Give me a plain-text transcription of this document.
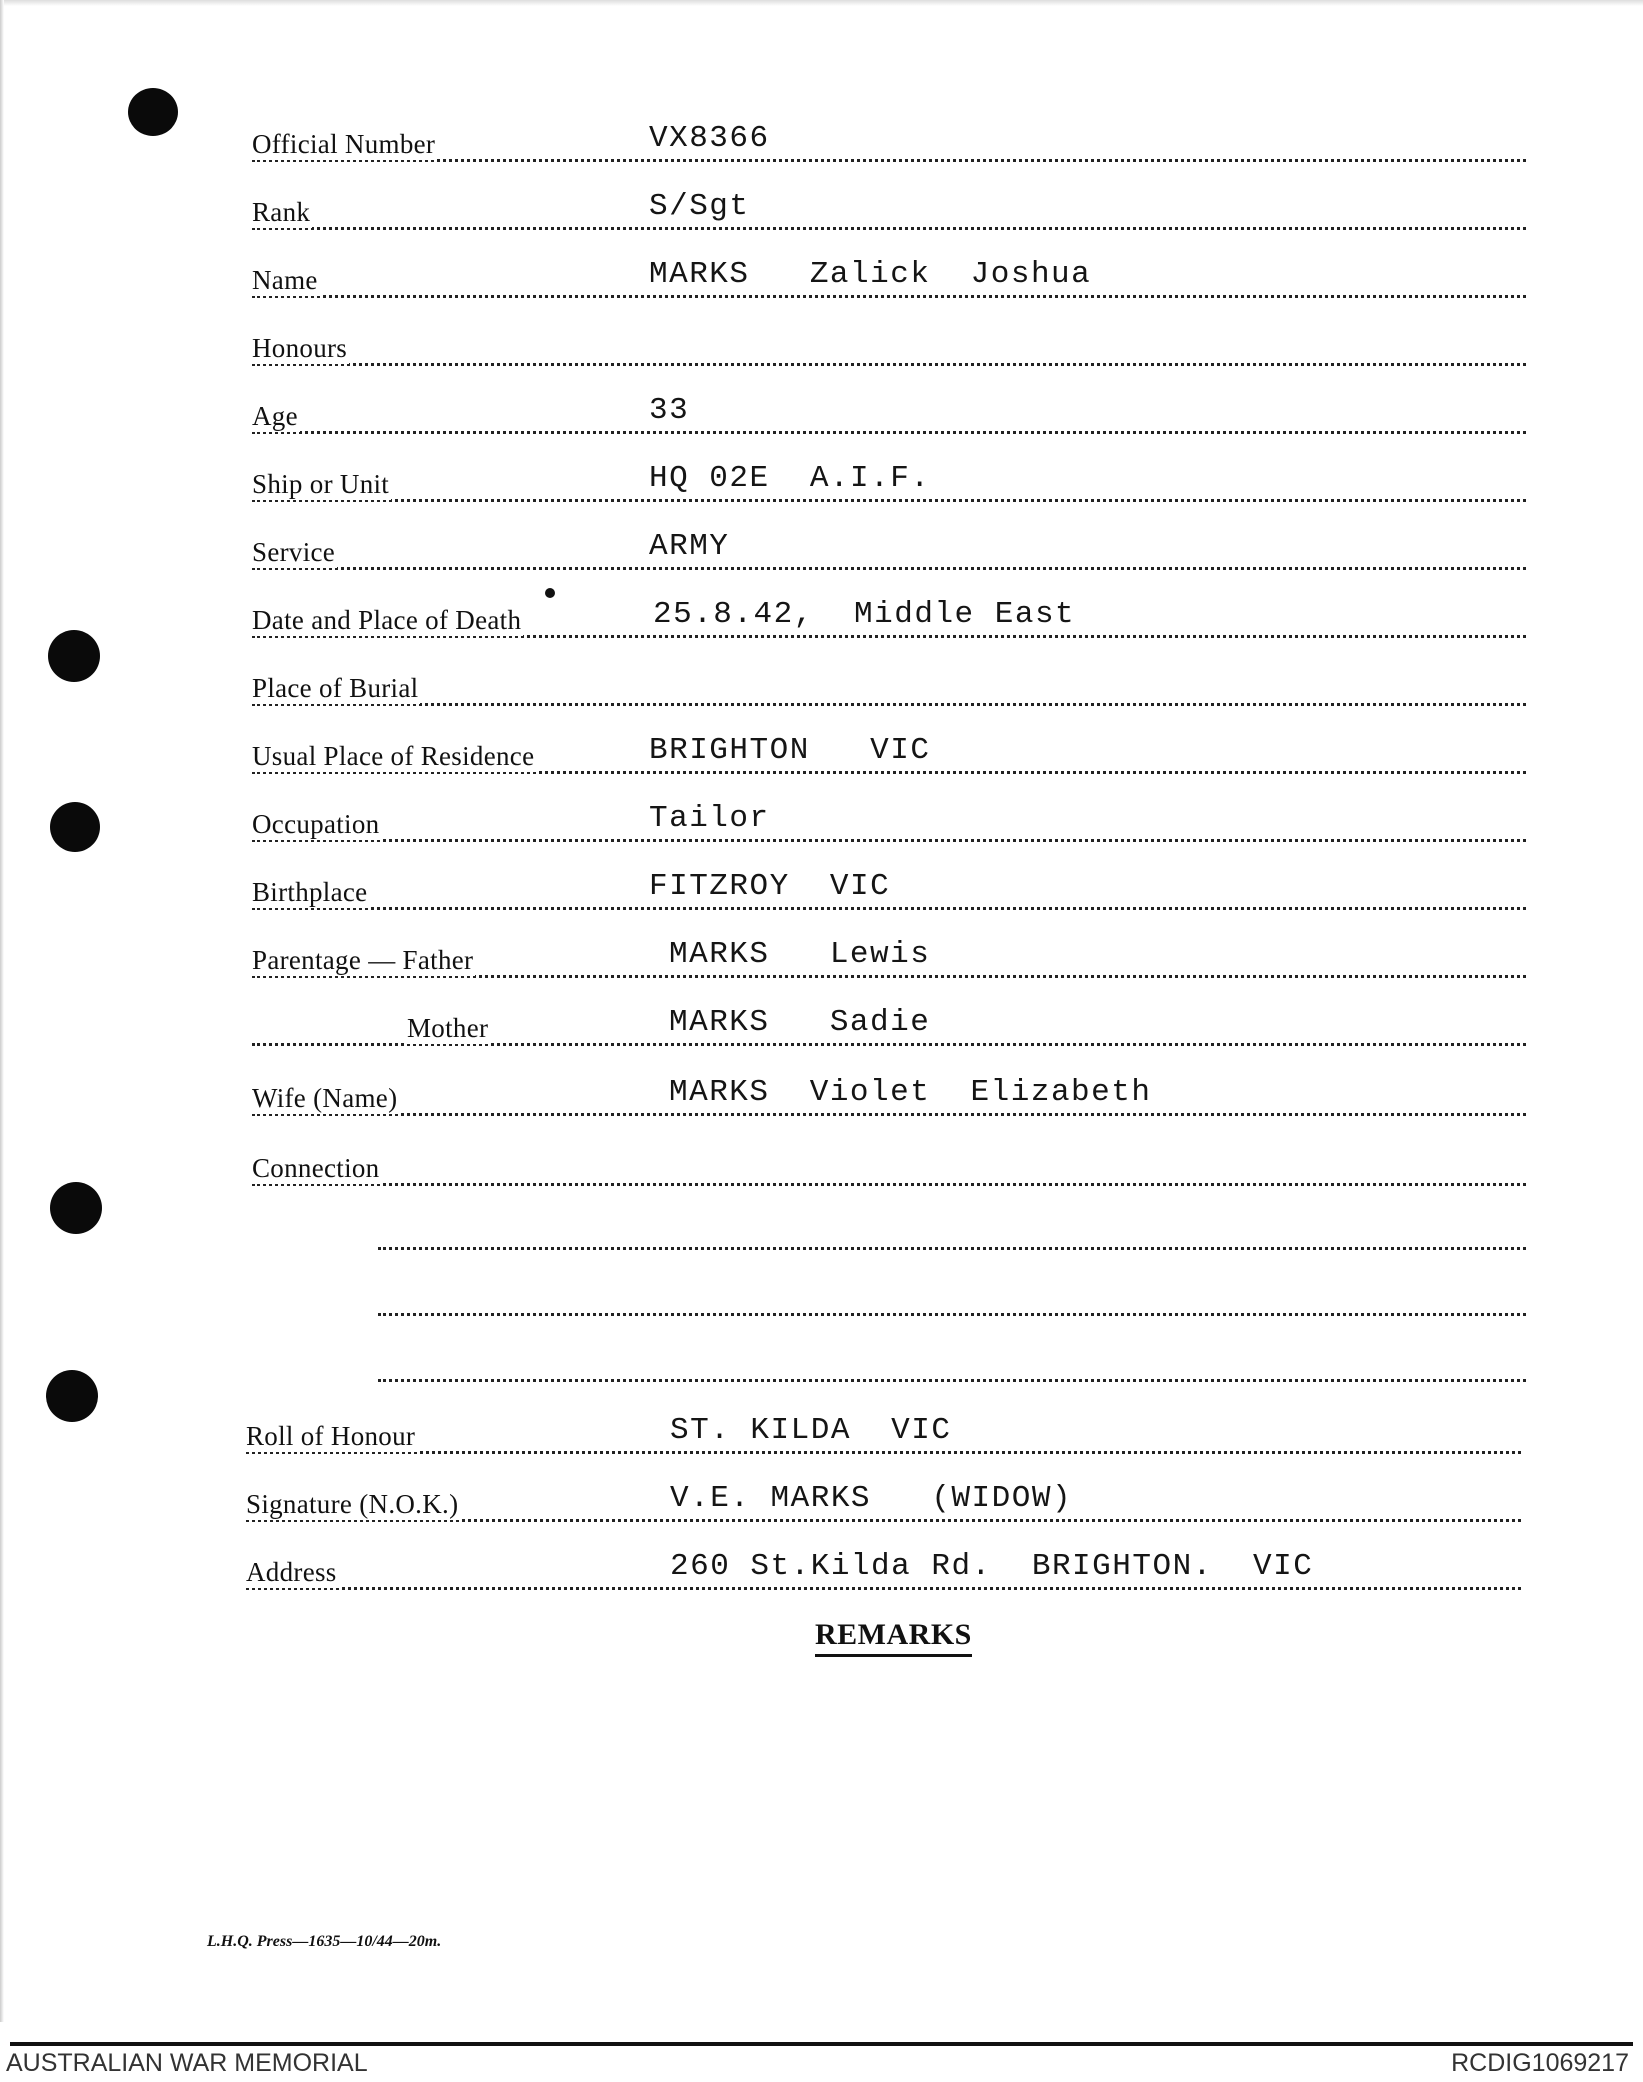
Official Number	VX8366
Rank	S/Sgt
Name	MARKS   Zalick  Joshua
Honours
Age	33
Ship or Unit	HQ 02E  A.I.F.
Service	ARMY
Date and Place of Death	25.8.42,  Middle East
Place of Burial
Usual Place of Residence	BRIGHTON   VIC
Occupation	Tailor
Birthplace	FITZROY  VIC
Parentage — Father	MARKS   Lewis
Mother	MARKS   Sadie
Wife (Name)	MARKS  Violet  Elizabeth
Connection
Roll of Honour	ST. KILDA  VIC
Signature (N.O.K.)	V.E. MARKS   (WIDOW)
Address	260 St.Kilda Rd.  BRIGHTON.  VIC
REMARKS
L.H.Q. Press—1635—10/44—20m.
AUSTRALIAN WAR MEMORIAL	RCDIG1069217
